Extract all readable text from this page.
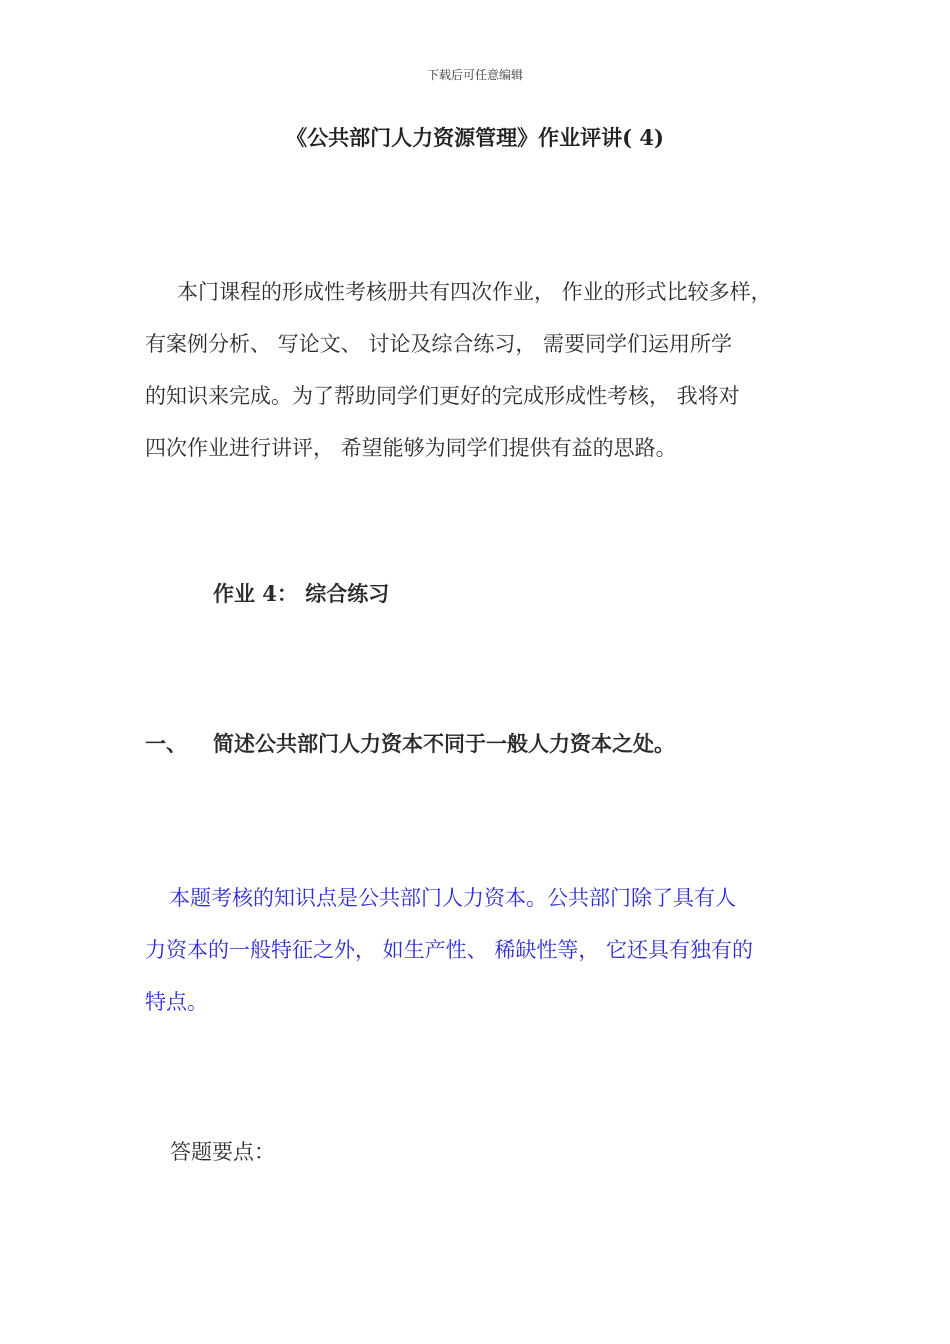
下载后可任意编辑
《公共部门人力资源管理》作业评讲( 4)

本门课程的形成性考核册共有四次作业， 作业的形式比较多样，
有案例分析、 写论文、 讨论及综合练习， 需要同学们运用所学
的知识来完成。为了帮助同学们更好的完成形成性考核， 我将对
四次作业进行讲评， 希望能够为同学们提供有益的思路。

作业 4： 综合练习
一、 简述公共部门人力资本不同于一般人力资本之处。

本题考核的知识点是公共部门人力资本。公共部门除了具有人
力资本的一般特征之外， 如生产性、 稀缺性等， 它还具有独有的
特点。

答题要点：
